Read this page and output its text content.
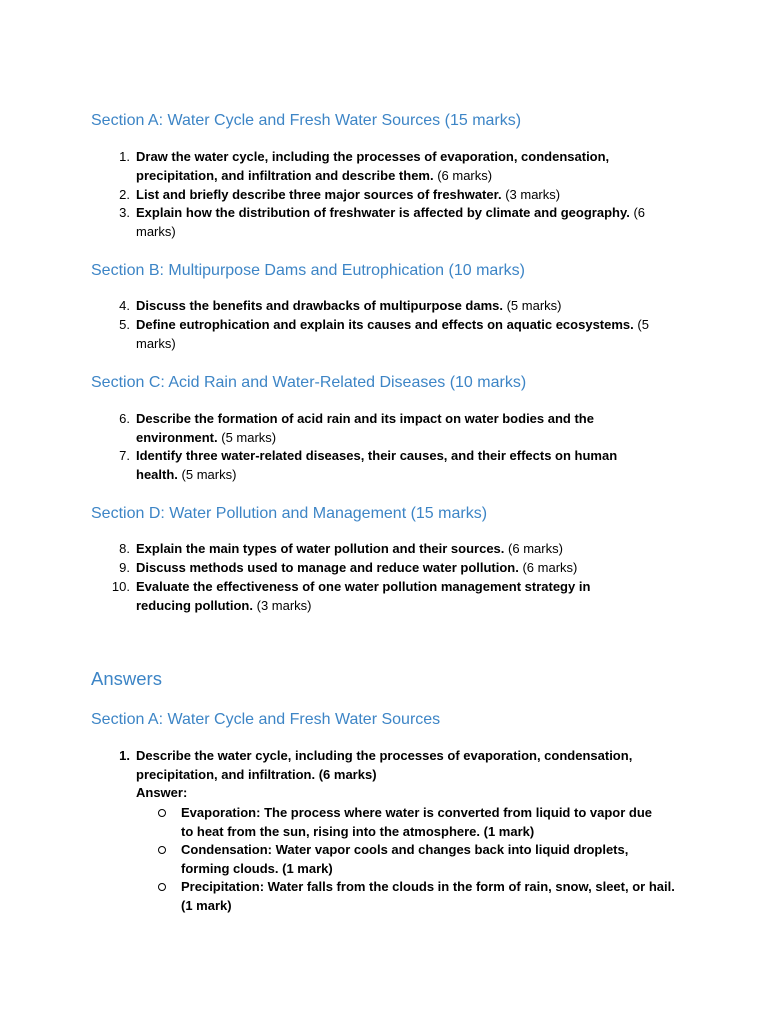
Section A: Water Cycle and Fresh Water Sources (15 marks)
1. Draw the water cycle, including the processes of evaporation, condensation, precipitation, and infiltration and describe them. (6 marks)
2. List and briefly describe three major sources of freshwater. (3 marks)
3. Explain how the distribution of freshwater is affected by climate and geography. (6 marks)
Section B: Multipurpose Dams and Eutrophication (10 marks)
4. Discuss the benefits and drawbacks of multipurpose dams. (5 marks)
5. Define eutrophication and explain its causes and effects on aquatic ecosystems. (5 marks)
Section C: Acid Rain and Water-Related Diseases (10 marks)
6. Describe the formation of acid rain and its impact on water bodies and the environment. (5 marks)
7. Identify three water-related diseases, their causes, and their effects on human health. (5 marks)
Section D: Water Pollution and Management (15 marks)
8. Explain the main types of water pollution and their sources. (6 marks)
9. Discuss methods used to manage and reduce water pollution. (6 marks)
10. Evaluate the effectiveness of one water pollution management strategy in reducing pollution. (3 marks)
Answers
Section A: Water Cycle and Fresh Water Sources
1. Describe the water cycle, including the processes of evaporation, condensation, precipitation, and infiltration. (6 marks)
Answer:
Evaporation: The process where water is converted from liquid to vapor due to heat from the sun, rising into the atmosphere. (1 mark)
Condensation: Water vapor cools and changes back into liquid droplets, forming clouds. (1 mark)
Precipitation: Water falls from the clouds in the form of rain, snow, sleet, or hail. (1 mark)
